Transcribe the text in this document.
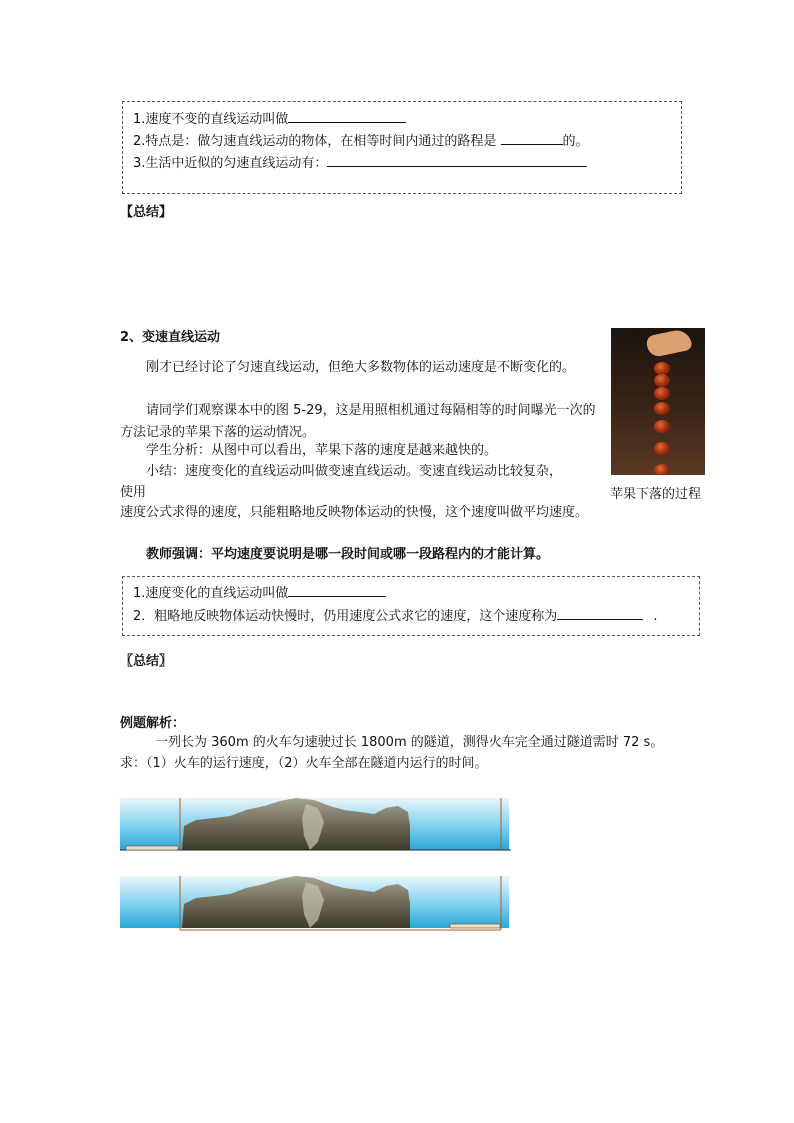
1.速度不变的直线运动叫做
2.特点是：做匀速直线运动的物体，在相等时间内通过的路程是	的。
3.生活中近似的匀速直线运动有：
【总结】
2、变速直线运动
刚才已经讨论了匀速直线运动，但绝大多数物体的运动速度是不断变化的。
请同学们观察课本中的图 5-29，这是用照相机通过每隔相等的时间曝光一次的方法记录的苹果下落的运动情况。
学生分析：从图中可以看出，苹果下落的速度是越来越快的。
小结：速度变化的直线运动叫做变速直线运动。变速直线运动比较复杂，
使用
速度公式求得的速度，只能粗略地反映物体运动的快慢，这个速度叫做平均速度。
教师强调：平均速度要说明是哪一段时间或哪一段路程内的才能计算。
苹果下落的过程
1.速度变化的直线运动叫做
2．粗略地反映物体运动快慢时，仍用速度公式求它的速度，这个速度称为	.
〖总结〗
例题解析：
一列长为 360m 的火车匀速驶过长 1800m 的隧道，测得火车完全通过隧道需时 72 s。
求：（1）火车的运行速度，（2）火车全部在隧道内运行的时间。
